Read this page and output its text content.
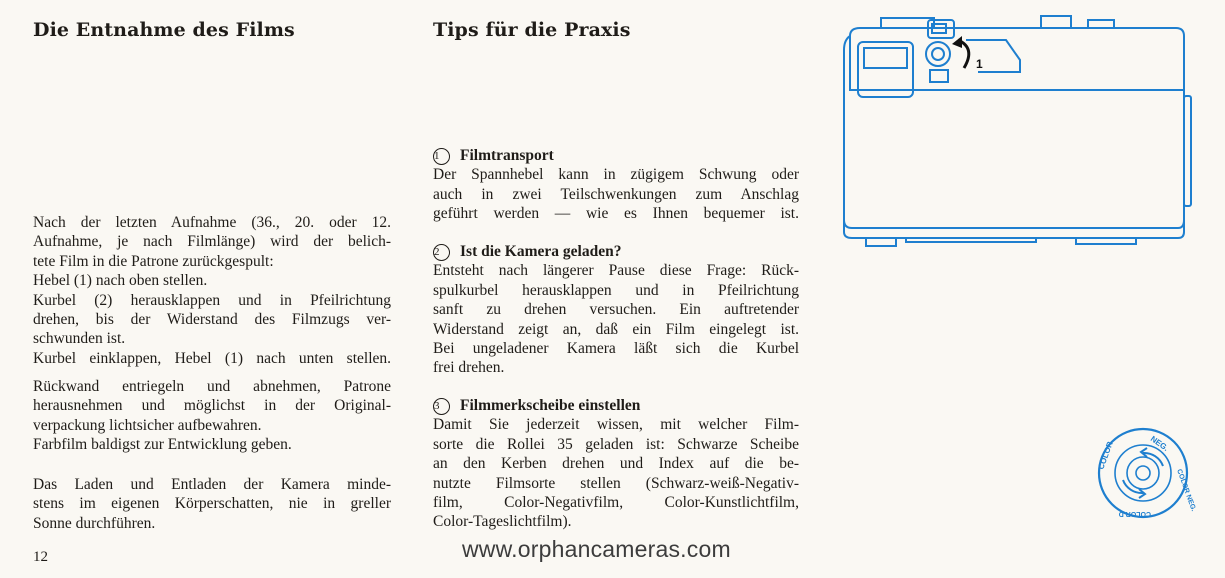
Die Entnahme des Films

Nach der letzten Aufnahme (36., 20. oder 12.

Aufnahme, je nach Filmlänge) wird der belich-

tete Film in die Patrone zurückgespult:

Hebel (1) nach oben stellen.

Kurbel (2) herausklappen und in Pfeilrichtung

drehen, bis der Widerstand des Filmzugs ver-

schwunden ist.

Kurbel einklappen, Hebel (1) nach unten stellen.

Rückwand entriegeln und abnehmen, Patrone

herausnehmen und möglichst in der Original-

verpackung lichtsicher aufbewahren.

Farbfilm baldigst zur Entwicklung geben.

Das Laden und Entladen der Kamera minde-

stens im eigenen Körperschatten, nie in greller

Sonne durchführen.

12
Tips für die Praxis

1 Filmtransport

Der Spannhebel kann in zügigem Schwung oder

auch in zwei Teilschwenkungen zum Anschlag

geführt werden — wie es Ihnen bequemer ist.

2 Ist die Kamera geladen?

Entsteht nach längerer Pause diese Frage: Rück-

spulkurbel herausklappen und in Pfeilrichtung

sanft zu drehen versuchen. Ein auftretender

Widerstand zeigt an, daß ein Film eingelegt ist.

Bei ungeladener Kamera läßt sich die Kurbel

frei drehen.

3 Filmmerkscheibe einstellen

Damit Sie jederzeit wissen, mit welcher Film-

sorte die Rollei 35 geladen ist: Schwarze Scheibe

an den Kerben drehen und Index auf die be-

nutzte Filmsorte stellen (Schwarz-weiß-Negativ-

film, Color-Negativfilm, Color-Kunstlichtfilm,

Color-Tageslichtfilm).

1
NEG.
COLOR
COLOR NEG.
COLOR D
www.orphancameras.com
